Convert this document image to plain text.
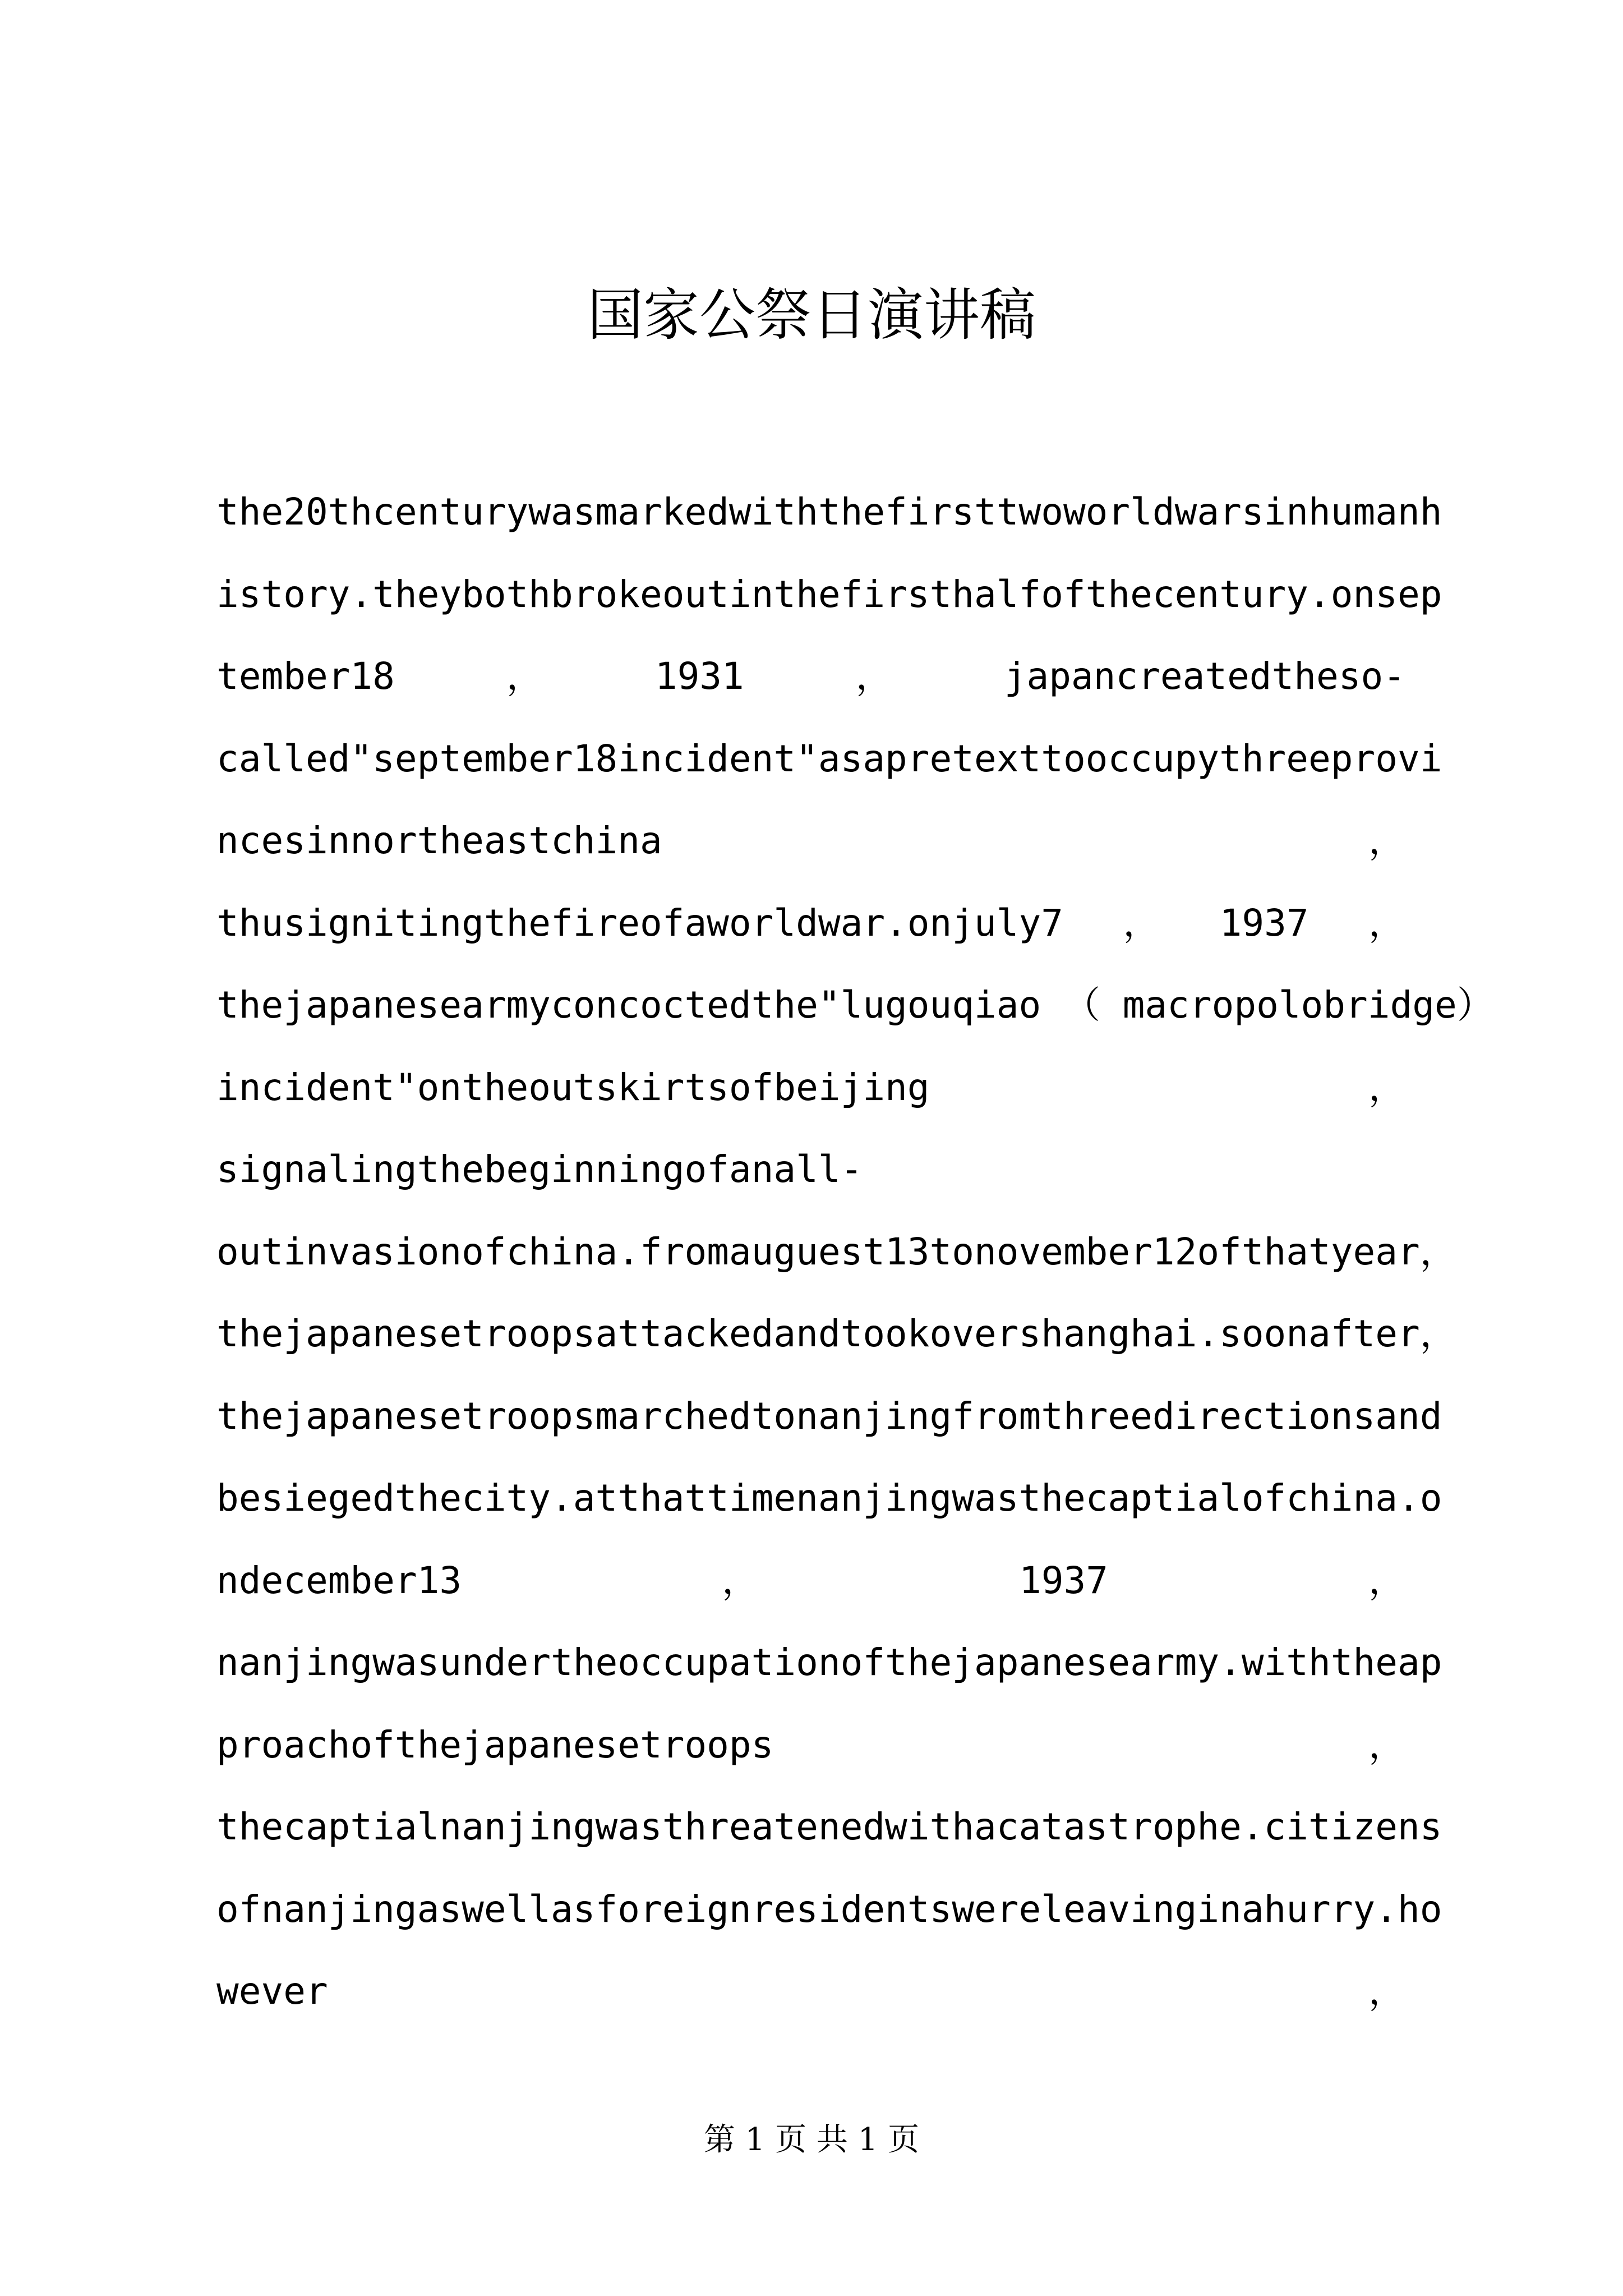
国家公祭日演讲稿
the20thcenturywasmarkedwiththefirsttwoworldwarsinhumanh
istory.theybothbrokeoutinthefirsthalfofthecentury.onsep
tember18	，	1931	，	japancreatedtheso-
called"september18incident"asapretexttooccupythreeprovi
ncesinnortheastchina	，
thusignitingthefireofaworldwar.onjuly7 ， 1937 ，
thejapanesearmyconcoctedthe"lugouqiao （ macropolobridge）
incident"ontheoutskirtsofbeijing	，
signalingthebeginningofanall-
outinvasionofchina.fromauguest13tonovember12ofthatyear，
thejapanesetroopsattackedandtookovershanghai.soonafter，
thejapanesetroopsmarchedtonanjingfromthreedirectionsand
besiegedthecity.atthattimenanjingwasthecaptialofchina.o
ndecember13	，	1937	，
nanjingwasundertheoccupationofthejapanesearmy.withtheap
proachofthejapanesetroops	，
thecaptialnanjingwasthreatenedwithacatastrophe.citizens
ofnanjingaswellasforeignresidentswereleavinginahurry.ho
wever	，
第 1 页 共 1 页
